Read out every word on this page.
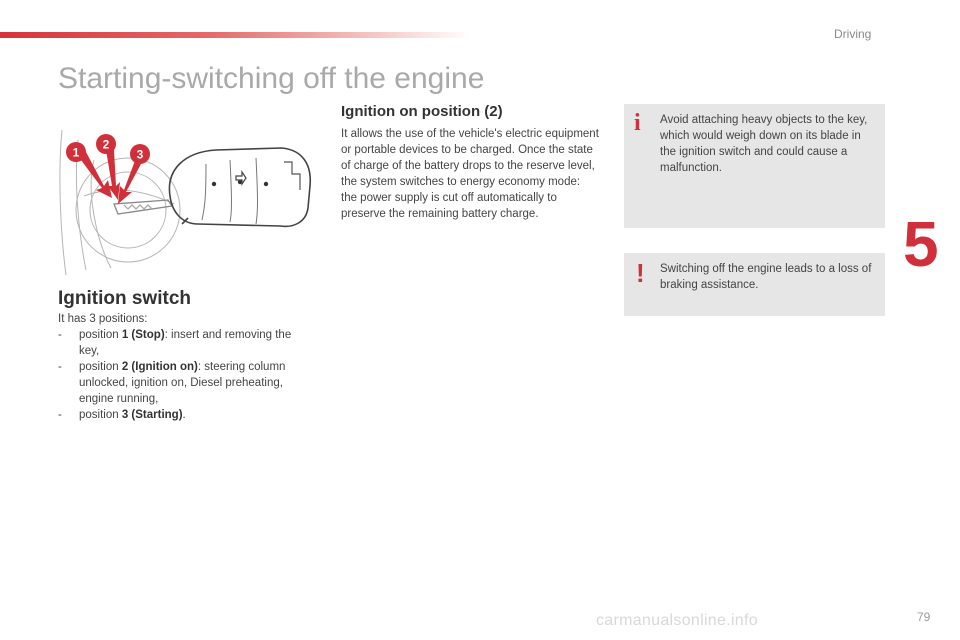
Driving
Starting-switching off the engine
5
1
2
3
Ignition switch
It has 3 positions:
- position 1 (Stop): insert and removing the key,
- position 2 (Ignition on): steering column unlocked, ignition on, Diesel preheating, engine running,
- position 3 (Starting).
Ignition on position (2)

It allows the use of the vehicle's electric equipment or portable devices to be charged. Once the state of charge of the battery drops to the reserve level, the system switches to energy economy mode: the power supply is cut off automatically to preserve the remaining battery charge.

i Avoid attaching heavy objects to the key, which would weigh down on its blade in the ignition switch and could cause a malfunction.

! Switching off the engine leads to a loss of braking assistance.

carmanualsonline.info	79
